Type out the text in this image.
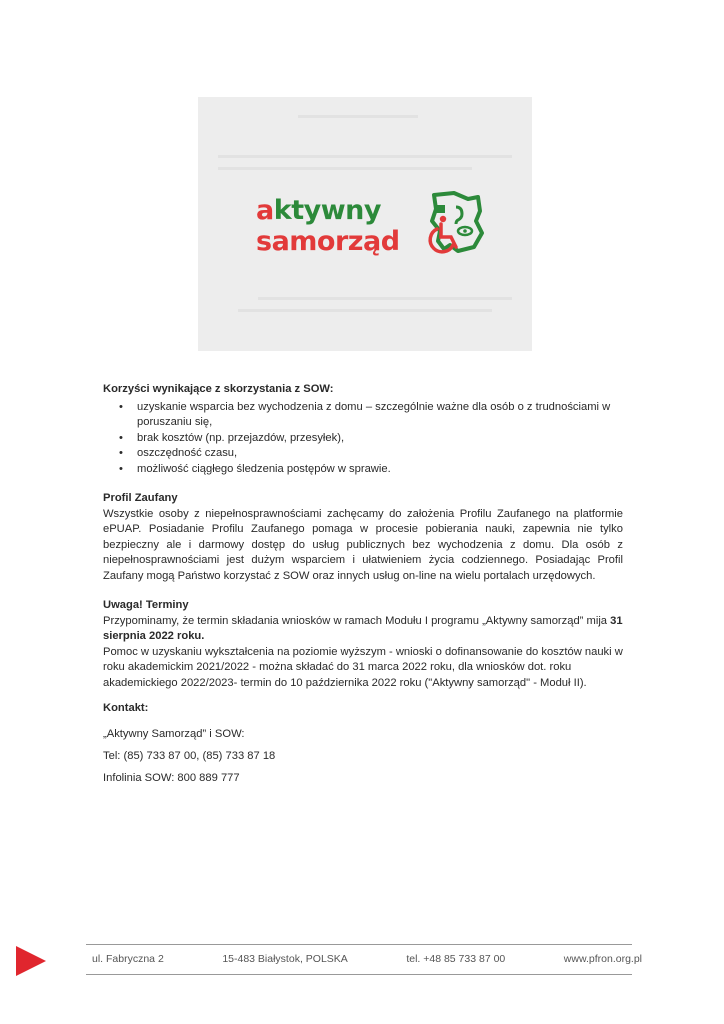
aktywny
samorząd

Korzyści wynikające z skorzystania z SOW:

• uzyskanie wsparcia bez wychodzenia z domu – szczególnie ważne dla osób o z trudnościami w poruszaniu się,
• brak kosztów (np. przejazdów, przesyłek),
• oszczędność czasu,
• możliwość ciągłego śledzenia postępów w sprawie.

Profil Zaufany

Wszystkie osoby z niepełnosprawnościami zachęcamy do założenia Profilu Zaufanego na platformie ePUAP. Posiadanie Profilu Zaufanego pomaga w procesie pobierania nauki, zapewnia nie tylko bezpieczny ale i darmowy dostęp do usług publicznych bez wychodzenia z domu. Dla osób z niepełnosprawnościami jest dużym wsparciem i ułatwieniem życia codziennego. Posiadając Profil Zaufany mogą Państwo korzystać z SOW oraz innych usług on-line na wielu portalach urzędowych.

Uwaga! Terminy

Przypominamy, że termin składania wniosków w ramach Modułu I programu „Aktywny samorząd” mija 31 sierpnia 2022 roku.

Pomoc w uzyskaniu wykształcenia na poziomie wyższym - wnioski o dofinansowanie do kosztów nauki w roku akademickim 2021/2022 - można składać do 31 marca 2022 roku, dla wniosków dot. roku akademickiego 2022/2023- termin do 10 października 2022 roku ("Aktywny samorząd" - Moduł II).

Kontakt:

„Aktywny Samorząd” i SOW:

Tel: (85) 733 87 00, (85) 733 87 18

Infolinia SOW: 800 889 777

ul. Fabryczna 2	15-483 Białystok, POLSKA	tel. +48 85 733 87 00	www.pfron.org.pl
